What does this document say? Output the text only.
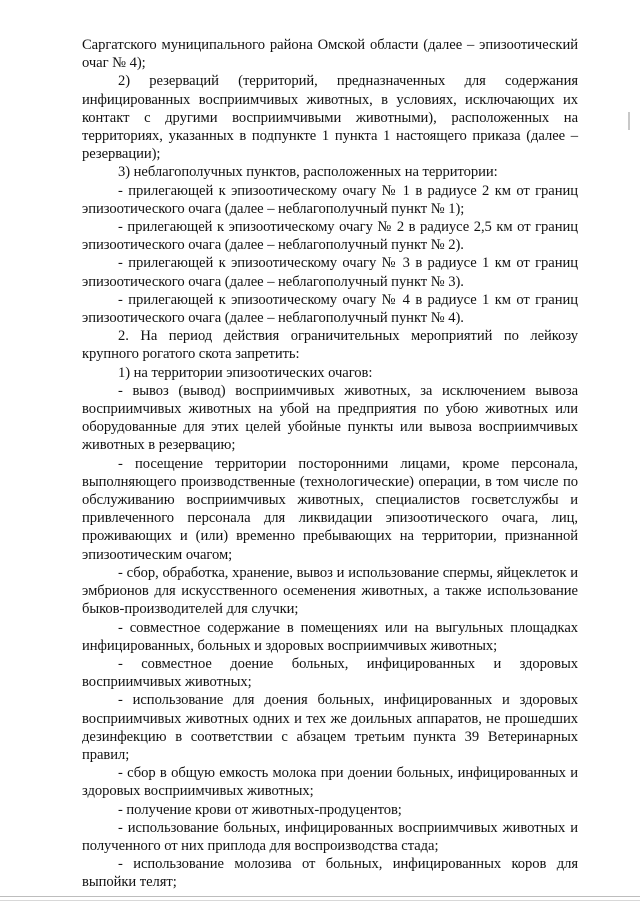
Саргатского муниципального района Омской области (далее – эпизоотический очаг № 4);

2) резерваций (территорий, предназначенных для содержания инфицированных восприимчивых животных, в условиях, исключающих их контакт с другими восприимчивыми животными), расположенных на территориях, указанных в подпункте 1 пункта 1 настоящего приказа (далее – резервации);

3) неблагополучных пунктов, расположенных на территории:

- прилегающей к эпизоотическому очагу № 1 в радиусе 2 км от границ эпизоотического очага (далее – неблагополучный пункт № 1);

- прилегающей к эпизоотическому очагу № 2 в радиусе 2,5 км от границ эпизоотического очага (далее – неблагополучный пункт № 2).

- прилегающей к эпизоотическому очагу № 3 в радиусе 1 км от границ эпизоотического очага (далее – неблагополучный пункт № 3).

- прилегающей к эпизоотическому очагу № 4 в радиусе 1 км от границ эпизоотического очага (далее – неблагополучный пункт № 4).

2. На период действия ограничительных мероприятий по лейкозу крупного рогатого скота запретить:

1) на территории эпизоотических очагов:

- вывоз (вывод) восприимчивых животных, за исключением вывоза восприимчивых животных на убой на предприятия по убою животных или оборудованные для этих целей убойные пункты или вывоза восприимчивых животных в резервацию;

- посещение территории посторонними лицами, кроме персонала, выполняющего производственные (технологические) операции, в том числе по обслуживанию восприимчивых животных, специалистов госветслужбы и привлеченного персонала для ликвидации эпизоотического очага, лиц, проживающих и (или) временно пребывающих на территории, признанной эпизоотическим очагом;

- сбор, обработка, хранение, вывоз и использование спермы, яйцеклеток и эмбрионов для искусственного осеменения животных, а также использование быков-производителей для случки;

- совместное содержание в помещениях или на выгульных площадках инфицированных, больных и здоровых восприимчивых животных;

- совместное доение больных, инфицированных и здоровых восприимчивых животных;

- использование для доения больных, инфицированных и здоровых восприимчивых животных одних и тех же доильных аппаратов, не прошедших дезинфекцию в соответствии с абзацем третьим пункта 39 Ветеринарных правил;

- сбор в общую емкость молока при доении больных, инфицированных и здоровых восприимчивых животных;

- получение крови от животных-продуцентов;

- использование больных, инфицированных восприимчивых животных и полученного от них приплода для воспроизводства стада;

- использование молозива от больных, инфицированных коров для выпойки телят;
